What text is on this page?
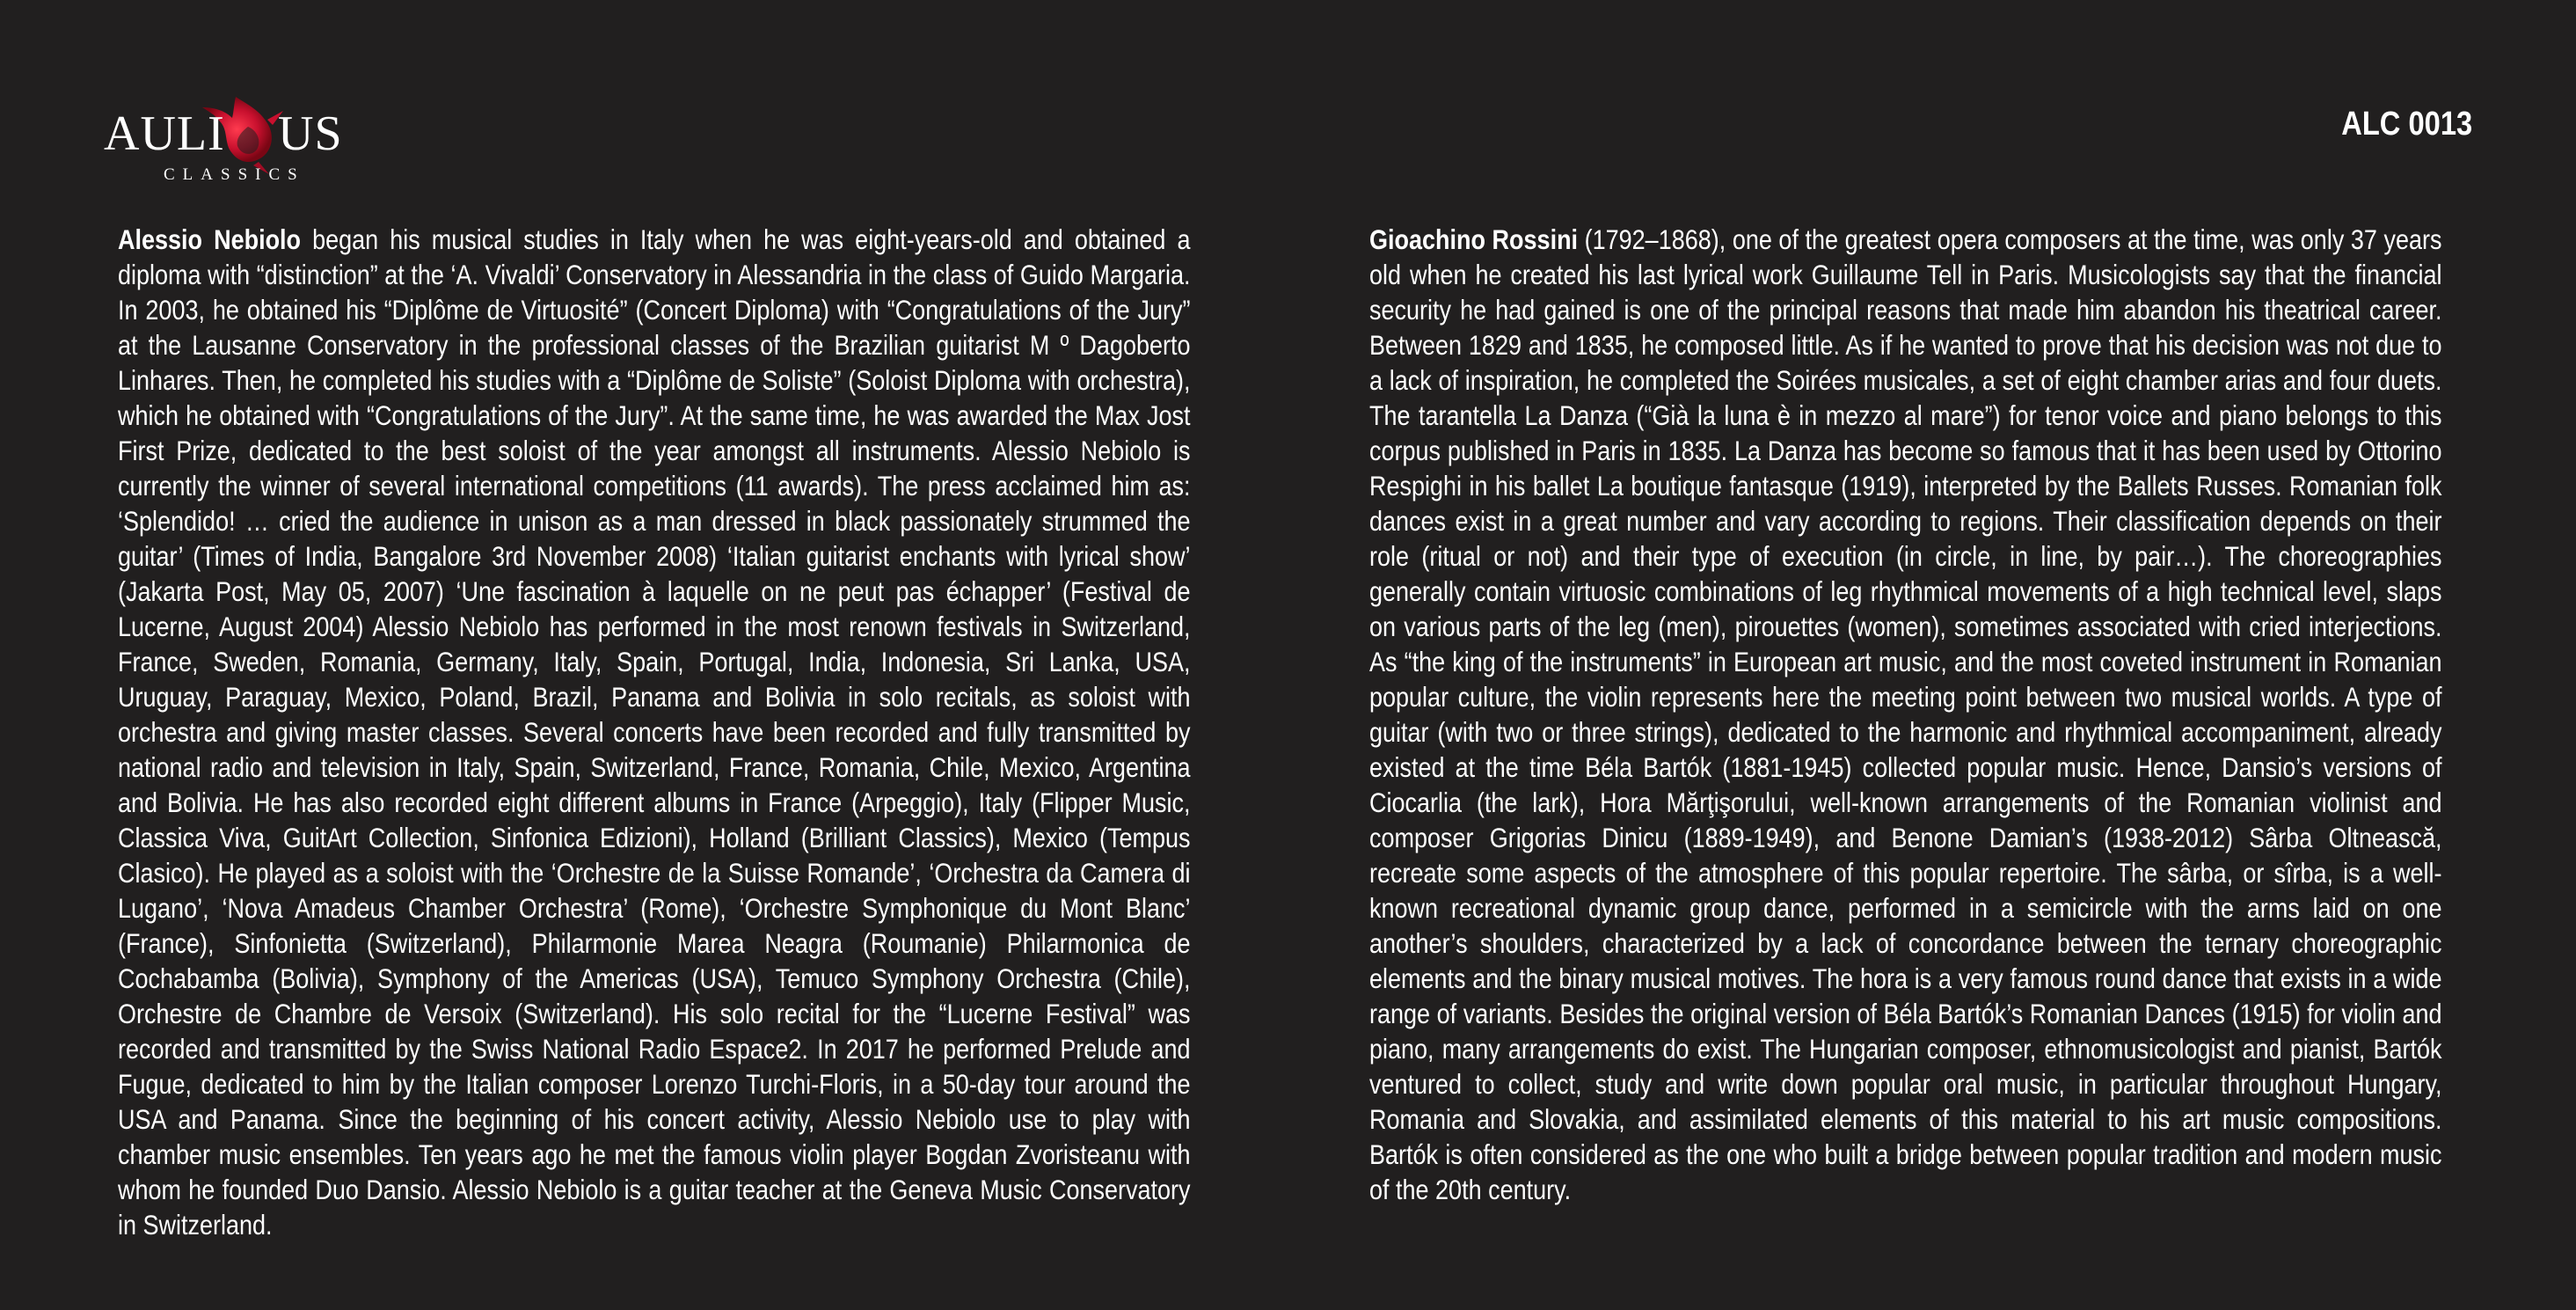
AULI US
CLASSICS
ALC 0013

Alessio Nebiolo began his musical studies in Italy when he was eight-years-old and obtained a diploma with “distinction” at the ‘A. Vivaldi’ Conservatory in Alessandria in the class of Guido Margaria. In 2003, he obtained his “Diplôme de Virtuosité” (Concert Diploma) with “Congratulations of the Jury” at the Lausanne Conservatory in the professional classes of the Brazilian guitarist M º Dagoberto Linhares. Then, he completed his studies with a “Diplôme de Soliste” (Soloist Diploma with orchestra), which he obtained with “Congratulations of the Jury”. At the same time, he was awarded the Max Jost First Prize, dedicated to the best soloist of the year amongst all instruments. Alessio Nebiolo is currently the winner of several international competitions (11 awards). The press acclaimed him as: ‘Splendido! … cried the audience in unison as a man dressed in black passionately strummed the guitar’ (Times of India, Bangalore 3rd November 2008) ‘Italian guitarist enchants with lyrical show’ (Jakarta Post, May 05, 2007) ‘Une fascination à laquelle on ne peut pas échapper’ (Festival de Lucerne, August 2004) Alessio Nebiolo has performed in the most renown festivals in Switzerland, France, Sweden, Romania, Germany, Italy, Spain, Portugal, India, Indonesia, Sri Lanka, USA, Uruguay, Paraguay, Mexico, Poland, Brazil, Panama and Bolivia in solo recitals, as soloist with orchestra and giving master classes. Several concerts have been recorded and fully transmitted by national radio and television in Italy, Spain, Switzerland, France, Romania, Chile, Mexico, Argentina and Bolivia. He has also recorded eight different albums in France (Arpeggio), Italy (Flipper Music, Classica Viva, GuitArt Collection, Sinfonica Edizioni), Holland (Brilliant Classics), Mexico (Tempus Clasico). He played as a soloist with the ‘Orchestre de la Suisse Romande’, ‘Orchestra da Camera di Lugano’, ‘Nova Amadeus Chamber Orchestra’ (Rome), ‘Orchestre Symphonique du Mont Blanc’ (France), Sinfonietta (Switzerland), Philarmonie Marea Neagra (Roumanie) Philarmonica de Cochabamba (Bolivia), Symphony of the Americas (USA), Temuco Symphony Orchestra (Chile), Orchestre de Chambre de Versoix (Switzerland). His solo recital for the “Lucerne Festival” was recorded and transmitted by the Swiss National Radio Espace2. In 2017 he performed Prelude and Fugue, dedicated to him by the Italian composer Lorenzo Turchi-Floris, in a 50-day tour around the USA and Panama. Since the beginning of his concert activity, Alessio Nebiolo use to play with chamber music ensembles. Ten years ago he met the famous violin player Bogdan Zvoristeanu with whom he founded Duo Dansio. Alessio Nebiolo is a guitar teacher at the Geneva Music Conservatory in Switzerland.

Gioachino Rossini (1792–1868), one of the greatest opera composers at the time, was only 37 years old when he created his last lyrical work Guillaume Tell in Paris. Musicologists say that the financial security he had gained is one of the principal reasons that made him abandon his theatrical career. Between 1829 and 1835, he composed little. As if he wanted to prove that his decision was not due to a lack of inspiration, he completed the Soirées musicales, a set of eight chamber arias and four duets. The tarantella La Danza (“Già la luna è in mezzo al mare”) for tenor voice and piano belongs to this corpus published in Paris in 1835. La Danza has become so famous that it has been used by Ottorino Respighi in his ballet La boutique fantasque (1919), interpreted by the Ballets Russes. Romanian folk dances exist in a great number and vary according to regions. Their classification depends on their role (ritual or not) and their type of execution (in circle, in line, by pair…). The choreographies generally contain virtuosic combinations of leg rhythmical movements of a high technical level, slaps on various parts of the leg (men), pirouettes (women), sometimes associated with cried interjections. As “the king of the instruments” in European art music, and the most coveted instrument in Romanian popular culture, the violin represents here the meeting point between two musical worlds. A type of guitar (with two or three strings), dedicated to the harmonic and rhythmical accompaniment, already existed at the time Béla Bartók (1881-1945) collected popular music. Hence, Dansio’s versions of Ciocarlia (the lark), Hora Mărţişorului, well-known arrangements of the Romanian violinist and composer Grigorias Dinicu (1889-1949), and Benone Damian’s (1938-2012) Sârba Oltnească, recreate some aspects of the atmosphere of this popular repertoire. The sârba, or sîrba, is a well-known recreational dynamic group dance, performed in a semicircle with the arms laid on one another’s shoulders, characterized by a lack of concordance between the ternary choreographic elements and the binary musical motives. The hora is a very famous round dance that exists in a wide range of variants. Besides the original version of Béla Bartók’s Romanian Dances (1915) for violin and piano, many arrangements do exist. The Hungarian composer, ethnomusicologist and pianist, Bartók ventured to collect, study and write down popular oral music, in particular throughout Hungary, Romania and Slovakia, and assimilated elements of this material to his art music compositions. Bartók is often considered as the one who built a bridge between popular tradition and modern music of the 20th century.
